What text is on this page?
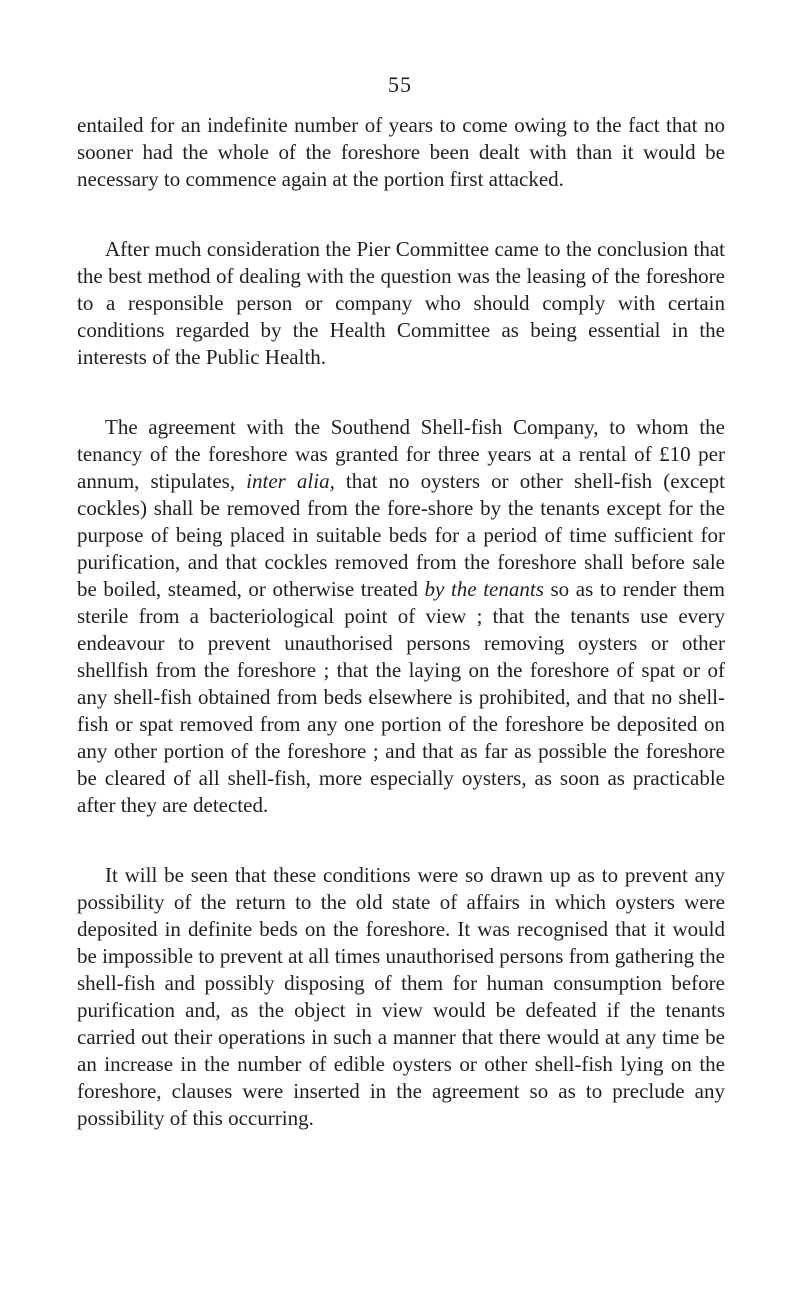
55

entailed for an indefinite number of years to come owing to the fact that no sooner had the whole of the foreshore been dealt with than it would be necessary to commence again at the portion first attacked.

After much consideration the Pier Committee came to the conclusion that the best method of dealing with the question was the leasing of the foreshore to a responsible person or company who should comply with certain conditions regarded by the Health Committee as being essential in the interests of the Public Health.

The agreement with the Southend Shell-fish Company, to whom the tenancy of the foreshore was granted for three years at a rental of £10 per annum, stipulates, inter alia, that no oysters or other shell-fish (except cockles) shall be removed from the fore-shore by the tenants except for the purpose of being placed in suitable beds for a period of time sufficient for purification, and that cockles removed from the foreshore shall before sale be boiled, steamed, or otherwise treated by the tenants so as to render them sterile from a bacteriological point of view ; that the tenants use every endeavour to prevent unauthorised persons removing oysters or other shellfish from the foreshore ; that the laying on the foreshore of spat or of any shell-fish obtained from beds elsewhere is prohibited, and that no shell-fish or spat removed from any one portion of the foreshore be deposited on any other portion of the foreshore ; and that as far as possible the foreshore be cleared of all shell-fish, more especially oysters, as soon as practicable after they are detected.

It will be seen that these conditions were so drawn up as to prevent any possibility of the return to the old state of affairs in which oysters were deposited in definite beds on the foreshore. It was recognised that it would be impossible to prevent at all times unauthorised persons from gathering the shell-fish and possibly disposing of them for human consumption before purification and, as the object in view would be defeated if the tenants carried out their operations in such a manner that there would at any time be an increase in the number of edible oysters or other shell-fish lying on the foreshore, clauses were inserted in the agreement so as to preclude any possibility of this occurring.
